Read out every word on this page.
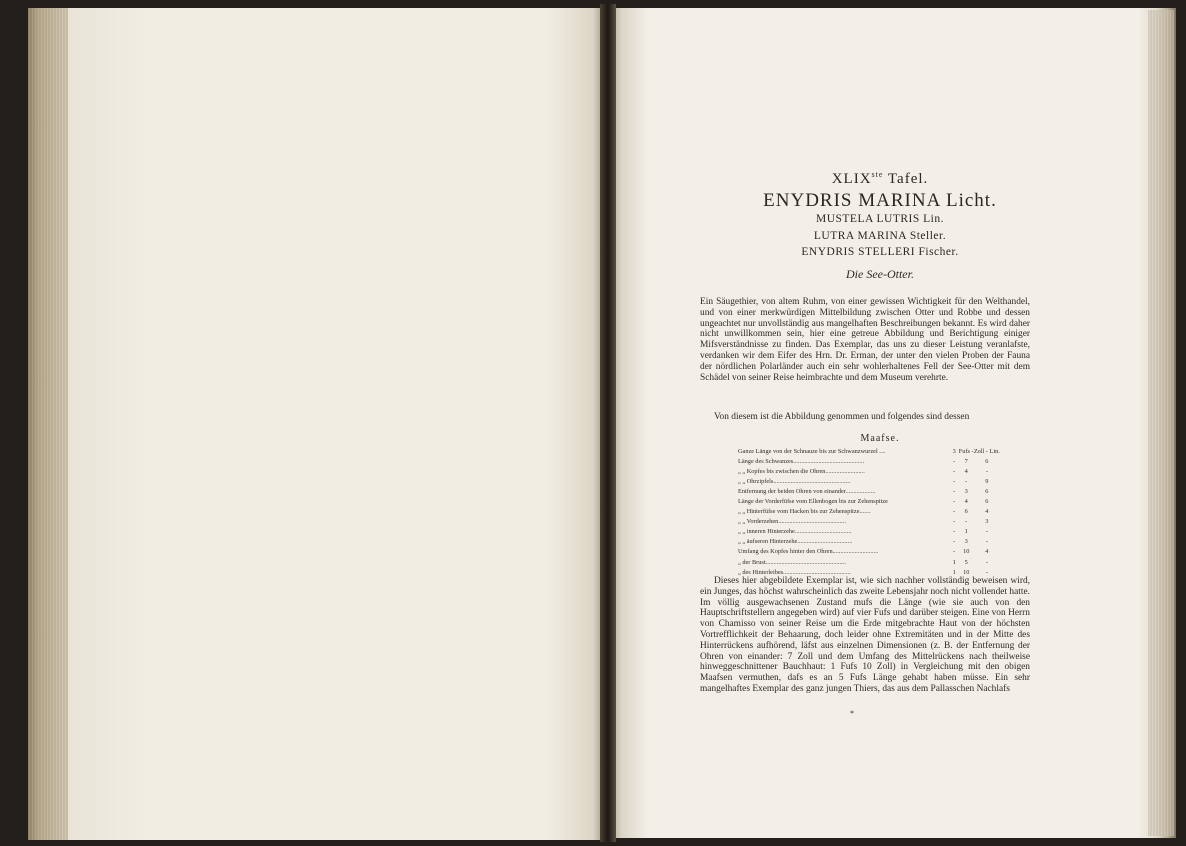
XLIXste Tafel.
ENYDRIS MARINA Licht.
MUSTELA LUTRIS Lin.
LUTRA MARINA Steller.
ENYDRIS STELLERI Fischer.
Die See-Otter.
Ein Säugethier, von altem Ruhm, von einer gewissen Wichtigkeit für den Welthandel, und von einer merkwürdigen Mittelbildung zwischen Otter und Robbe und dessen ungeachtet nur unvollständig aus mangelhaften Beschreibungen bekannt. Es wird daher nicht unwillkommen sein, hier eine getreue Abbildung und Berichtigung einiger Mifsverständnisse zu finden. Das Exemplar, das uns zu dieser Leistung veranlafste, verdanken wir dem Eifer des Hrn. Dr. Erman, der unter den vielen Proben der Fauna der nördlichen Polarländer auch ein sehr wohlerhaltenes Fell der See-Otter mit dem Schädel von seiner Reise heimbrachte und dem Museum verehrte.
Von diesem ist die Abbildung genommen und folgendes sind dessen
Maafse.
Ganze Länge von der Schnauze bis zur Schwanzwurzel ....	3	Fufs -	Zoll - Lin.
Länge des Schwanzes.............................................	-	7	6
„ „ Kopfes bis zwischen die Ohren.........................	-	4	-
„ „ Ohrzipfels.................................................	-	-	9
Entfernung der beiden Ohren von einander...................	-	3	6
Länge der Vorderfüfse vom Ellenbogen bis zur Zehenspitze	-	4	6
„ „ Hinterfüfse vom Hacken bis zur Zehenspitze.......	-	6	4
„ „ Vorderzehen...........................................	-	-	3
„ „ inneren Hinterzehe....................................	-	1	-
„ „ äufseren Hinterzehe...................................	-	3	-
Umfang des Kopfes hinter den Ohren.............................	-	10	4
„ der Brust...................................................	1	5	-
„ des Hinterleibes...........................................	1	10	-
Dieses hier abgebildete Exemplar ist, wie sich nachher vollständig beweisen wird, ein Junges, das höchst wahrscheinlich das zweite Lebensjahr noch nicht vollendet hatte. Im völlig ausgewachsenen Zustand mufs die Länge (wie sie auch von den Hauptschriftstellern angegeben wird) auf vier Fufs und darüber steigen. Eine von Herrn von Chamisso von seiner Reise um die Erde mitgebrachte Haut von der höchsten Vortrefflichkeit der Behaarung, doch leider ohne Extremitäten und in der Mitte des Hinterrückens aufhörend, läfst aus einzelnen Dimensionen (z. B. der Entfernung der Ohren von einander: 7 Zoll und dem Umfang des Mittelrückens nach theilweise hinweggeschnittener Bauchhaut: 1 Fufs 10 Zoll) in Vergleichung mit den obigen Maafsen vermuthen, dafs es an 5 Fufs Länge gehabt haben müsse. Ein sehr mangelhaftes Exemplar des ganz jungen Thiers, das aus dem Pallasschen Nachlafs
*
